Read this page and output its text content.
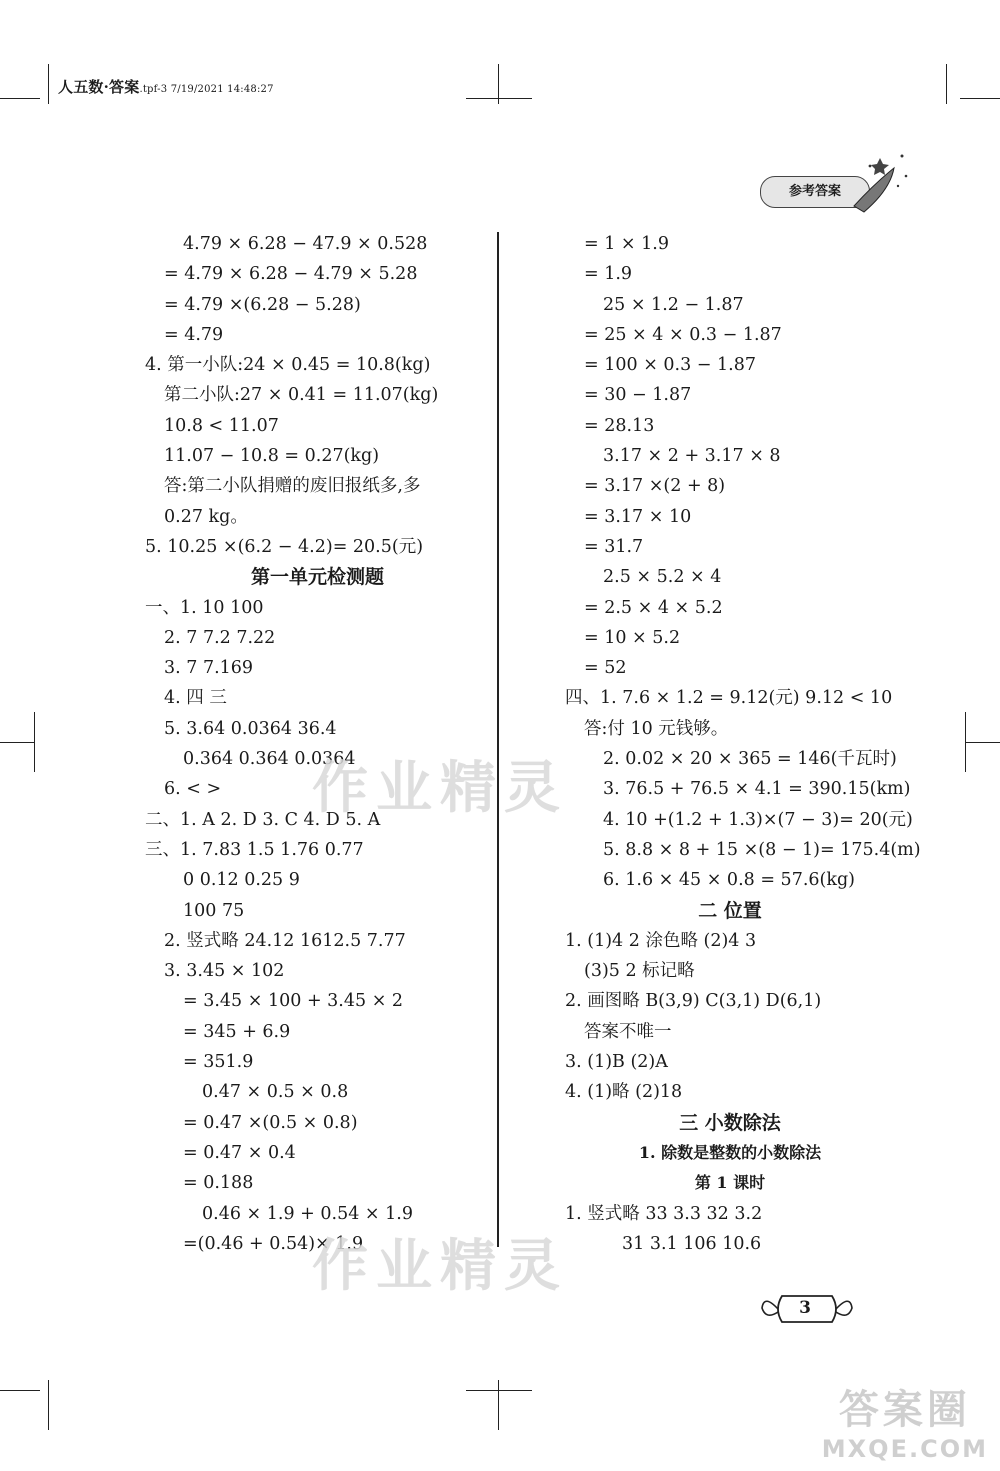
人五数·答案.tpf-3 7/19/2021 14:48:27

参考答案
4.79 × 6.28 − 47.9 × 0.528
= 4.79 × 6.28 − 4.79 × 5.28
= 4.79 ×(6.28 − 5.28)
= 4.79
4. 第一小队:24 × 0.45 = 10.8(kg)
第二小队:27 × 0.41 = 11.07(kg)
10.8 < 11.07
11.07 − 10.8 = 0.27(kg)
答:第二小队捐赠的废旧报纸多,多
0.27 kg。
5. 10.25 ×(6.2 − 4.2)= 20.5(元)
第一单元检测题
一、1. 10 100
2. 7 7.2 7.22
3. 7 7.169
4. 四 三
5. 3.64 0.0364 36.4
0.364 0.364 0.0364
6. < >
二、1. A 2. D 3. C 4. D 5. A
三、1. 7.83 1.5 1.76 0.77
0 0.12 0.25 9
100 75
2. 竖式略 24.12 1612.5 7.77
3. 3.45 × 102
= 3.45 × 100 + 3.45 × 2
= 345 + 6.9
= 351.9
0.47 × 0.5 × 0.8
= 0.47 ×(0.5 × 0.8)
= 0.47 × 0.4
= 0.188
0.46 × 1.9 + 0.54 × 1.9
=(0.46 + 0.54)× 1.9
= 1 × 1.9
= 1.9
25 × 1.2 − 1.87
= 25 × 4 × 0.3 − 1.87
= 100 × 0.3 − 1.87
= 30 − 1.87
= 28.13
3.17 × 2 + 3.17 × 8
= 3.17 ×(2 + 8)
= 3.17 × 10
= 31.7
2.5 × 5.2 × 4
= 2.5 × 4 × 5.2
= 10 × 5.2
= 52
四、1. 7.6 × 1.2 = 9.12(元) 9.12 < 10
答:付 10 元钱够。
2. 0.02 × 20 × 365 = 146(千瓦时)
3. 76.5 + 76.5 × 4.1 = 390.15(km)
4. 10 +(1.2 + 1.3)×(7 − 3)= 20(元)
5. 8.8 × 8 + 15 ×(8 − 1)= 175.4(m)
6. 1.6 × 45 × 0.8 = 57.6(kg)
二 位置
1. (1)4 2 涂色略 (2)4 3
(3)5 2 标记略
2. 画图略 B(3,9) C(3,1) D(6,1)
答案不唯一
3. (1)B (2)A
4. (1)略 (2)18
三 小数除法
1. 除数是整数的小数除法
第 1 课时
1. 竖式略 33 3.3 32 3.2
31 3.1 106 10.6
3
作业精灵
作业精灵
答案圈
MXQE.COM
